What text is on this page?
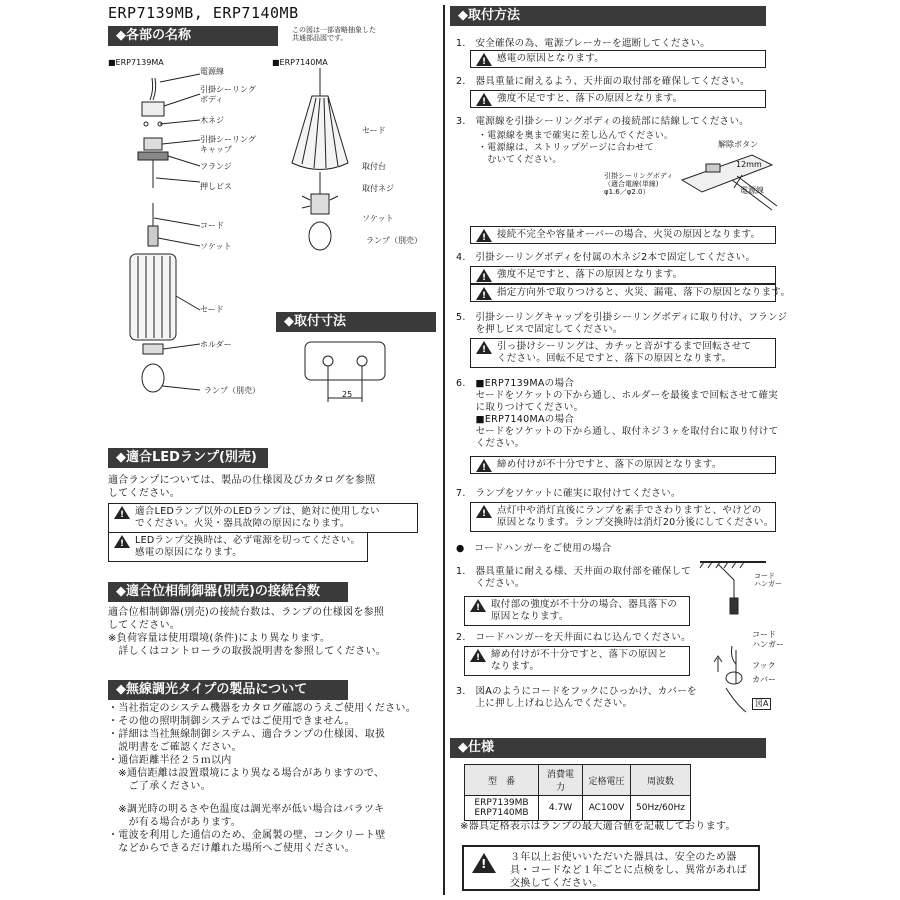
ERP7139MB, ERP7140MB
◆各部の名称	この図は一部省略抽象した
共通部品図です。
■ERP7139MA	■ERP7140MA
電源線
引掛シーリング
ボディ
木ネジ
引掛シーリング
キャップ
フランジ
押しビス
コード
ソケット
セード
ホルダー
ランプ（別売）
セード
取付台
取付ネジ
ソケット
ランプ（別売）
◆取付寸法
25
◆適合LEDランプ(別売)
適合ランプについては、製品の仕様図及びカタログを参照
してください。
!
適合LEDランプ以外のLEDランプは、絶対に使用しない
でください。火災・器具故障の原因になります。
!
LEDランプ交換時は、必ず電源を切ってください。
感電の原因になります。
◆適合位相制御器(別売)の接続台数
適合位相制御器(別売)の接続台数は、ランプの仕様図を参照
してください。
※負荷容量は使用環境(条件)により異なります。
　詳しくはコントローラの取扱説明書を参照してください。
◆無線調光タイプの製品について
・当社指定のシステム機器をカタログ確認のうえご使用ください。
・その他の照明制御システムではご使用できません。
・詳細は当社無線制御システム、適合ランプの仕様図、取扱
　説明書をご確認ください。
・通信距離半径２５ｍ以内
　※通信距離は設置環境により異なる場合がありますので、
　　ご了承ください。
　※調光時の明るさや色温度は調光率が低い場合はバラツキ
　　が有る場合があります。
・電波を利用した通信のため、金属製の壁、コンクリート壁
　などからできるだけ離れた場所へご使用ください。
◆取付方法
1.　安全確保の為、電源ブレーカーを遮断してください。
!
感電の原因となります。
2.　器具重量に耐えるよう、天井面の取付部を確保してください。
!
強度不足ですと、落下の原因となります。
3.　電源線を引掛シーリングボディの接続部に結線してください。
・電源線を奥まで確実に差し込んでください。
・電源線は、ストリップゲージに合わせて
　むいてください。
解除ボタン
12mm
引掛シーリングボディ
（適合電線(単線)
φ1.6／φ2.0）	電源線
!
接続不完全や容量オーバーの場合、火災の原因となります。
4.　引掛シーリングボディを付属の木ネジ2本で固定してください。
!
強度不足ですと、落下の原因となります。
!
指定方向外で取りつけると、火災、漏電、落下の原因となります。
5.　引掛シーリングキャップを引掛シーリングボディに取り付け、フランジ
　　を押しビスで固定してください。
!
引っ掛けシーリングは、カチッと音がするまで回転させて
ください。回転不足ですと、落下の原因となります。
6.　■ERP7139MAの場合
　　セードをソケットの下から通し、ホルダーを最後まで回転させて確実
　　に取りつけてください。
　　■ERP7140MAの場合
　　セードをソケットの下から通し、取付ネジ３ヶを取付台に取り付けて
　　ください。
!
締め付けが不十分ですと、落下の原因となります。
7.　ランプをソケットに確実に取付けてください。
!
点灯中や消灯直後にランプを素手でさわりますと、やけどの
原因となります。ランプ交換時は消灯20分後にしてください。
●　コードハンガーをご使用の場合
1.　器具重量に耐える様、天井面の取付部を確保して
　　ください。
!
取付部の強度が不十分の場合、器具落下の
原因となります。
2.　コードハンガーを天井面にねじ込んでください。
!
締め付けが不十分ですと、落下の原因と
なります。
3.　図Aのようにコードをフックにひっかけ、カバーを
　　上に押し上げねじ込んでください。
コード
ハンガー
コード
ハンガー
フック
カバー
図A
◆仕様
型　番	消費電力	定格電圧	周波数

ERP7139MB
ERP7140MB	4.7W	AC100V	50Hz/60Hz
※器具定格表示はランプの最大適合値を記載しております。
!
３年以上お使いいただいた器具は、安全のため器
具・コードなど１年ごとに点検をし、異常があれば
交換してください。
